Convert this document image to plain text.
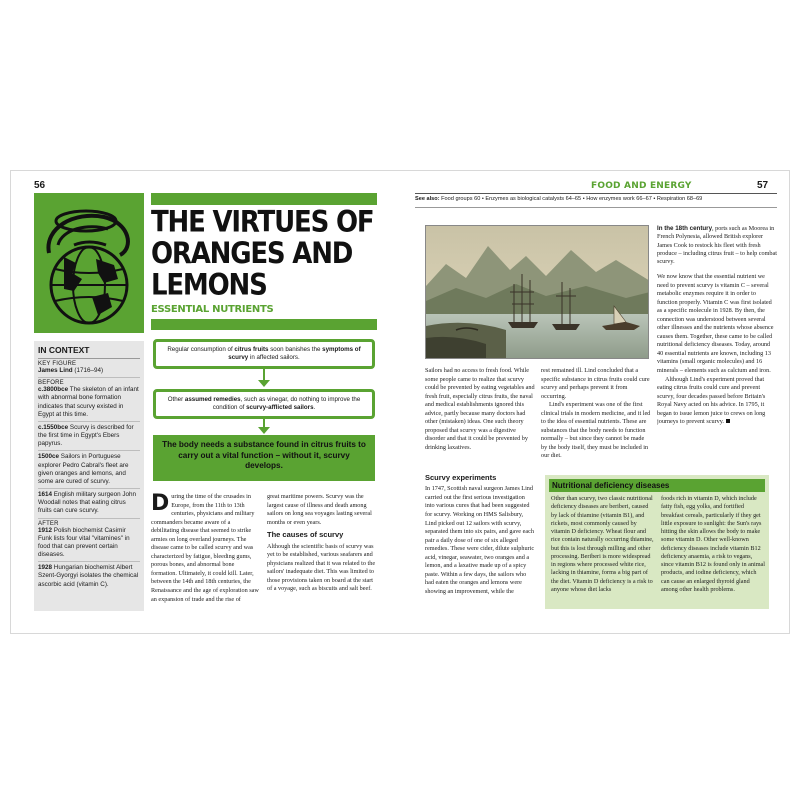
56
THE VIRTUES OF ORANGES AND LEMONS
ESSENTIAL NUTRIENTS
IN CONTEXT
KEY FIGURE
James Lind (1716–94)
BEFORE
c.3800bce The skeleton of an infant with abnormal bone formation indicates that scurvy existed in Egypt at this time.
c.1550bce Scurvy is described for the first time in Egypt's Ebers papyrus.
1500ce Sailors in Portuguese explorer Pedro Cabral's fleet are given oranges and lemons, and some are cured of scurvy.
1614 English military surgeon John Woodall notes that eating citrus fruits can cure scurvy.
AFTER
1912 Polish biochemist Casimir Funk lists four vital "vitamines" in food that can prevent certain diseases.
1928 Hungarian biochemist Albert Szent-Gyorgyi isolates the chemical ascorbic acid (vitamin C).
Regular consumption of citrus fruits soon banishes the symptoms of scurvy in affected sailors.
Other assumed remedies, such as vinegar, do nothing to improve the condition of scurvy-afflicted sailors.
The body needs a substance found in citrus fruits to carry out a vital function – without it, scurvy develops.
During the time of the crusades in Europe, from the 11th to 13th centuries, physicians and military commanders became aware of a debilitating disease that seemed to strike armies on long overland journeys. The disease came to be called scurvy and was characterized by fatigue, bleeding gums, porous bones, and abnormal bone formation. Ultimately, it could kill. Later, between the 14th and 18th centuries, the Renaissance and the age of exploration saw an expansion of trade and the rise of
great maritime powers. Scurvy was the largest cause of illness and death among sailors on long sea voyages lasting several months or even years.
The causes of scurvy
Although the scientific basis of scurvy was yet to be established, various seafarers and physicians realized that it was related to the sailors' inadequate diet. This was limited to those provisions taken on board at the start of a voyage, such as biscuits and salt beef.
FOOD AND ENERGY	57
See also: Food groups 60 • Enzymes as biological catalysts 64–65 • How enzymes work 66–67 • Respiration 68–69
In the 18th century, ports such as Moorea in French Polynesia, allowed British explorer James Cook to restock his fleet with fresh produce – including citrus fruit – to help combat scurvy.
We now know that the essential nutrient we need to prevent scurvy is vitamin C – several metabolic enzymes require it in order to function properly. Vitamin C was first isolated as a specific molecule in 1928. By then, the connection was understood between several other illnesses and the nutrients whose absence causes them. Together, these came to be called nutritional deficiency diseases. Today, around 40 essential nutrients are known, including 13 vitamins (small organic molecules) and 16 minerals – elements such as calcium and iron.
Although Lind's experiment proved that eating citrus fruits could cure and prevent scurvy, four decades passed before Britain's Royal Navy acted on his advice. In 1795, it began to issue lemon juice to crews on long journeys to prevent scurvy.
Sailors had no access to fresh food. While some people came to realize that scurvy could be prevented by eating vegetables and fresh fruit, especially citrus fruits, the naval and medical establishments ignored this advice, partly because many doctors had other (mistaken) ideas. One such theory proposed that scurvy was a digestive disorder and that it could be prevented by drinking laxatives.
Scurvy experiments
In 1747, Scottish naval surgeon James Lind carried out the first serious investigation into various cures that had been suggested for scurvy. Working on HMS Salisbury, Lind picked out 12 sailors with scurvy, separated them into six pairs, and gave each pair a daily dose of one of six alleged remedies. These were cider, dilute sulphuric acid, vinegar, seawater, two oranges and a lemon, and a laxative made up of a spicy paste. Within a few days, the sailors who had eaten the oranges and lemons were showing an improvement, while the
rest remained ill. Lind concluded that a specific substance in citrus fruits could cure scurvy and perhaps prevent it from occurring.
Lind's experiment was one of the first clinical trials in modern medicine, and it led to the idea of essential nutrients. These are substances that the body needs to function normally – but since they cannot be made by the body itself, they must be included in our diet.
Nutritional deficiency diseases
Other than scurvy, two classic nutritional deficiency diseases are beriberi, caused by lack of thiamine (vitamin B1), and rickets, most commonly caused by vitamin D deficiency. Wheat flour and rice contain naturally occurring thiamine, but this is lost through milling and other processing. Beriberi is more widespread in regions where processed white rice, lacking in thiamine, forms a big part of the diet. Vitamin D deficiency is a risk to anyone whose diet lacks
foods rich in vitamin D, which include fatty fish, egg yolks, and fortified breakfast cereals, particularly if they get little exposure to sunlight: the Sun's rays hitting the skin allows the body to make some vitamin D. Other well-known deficiency diseases include vitamin B12 deficiency anaemia, a risk to vegans, since vitamin B12 is found only in animal products, and iodine deficiency, which can cause an enlarged thyroid gland among other health problems.
